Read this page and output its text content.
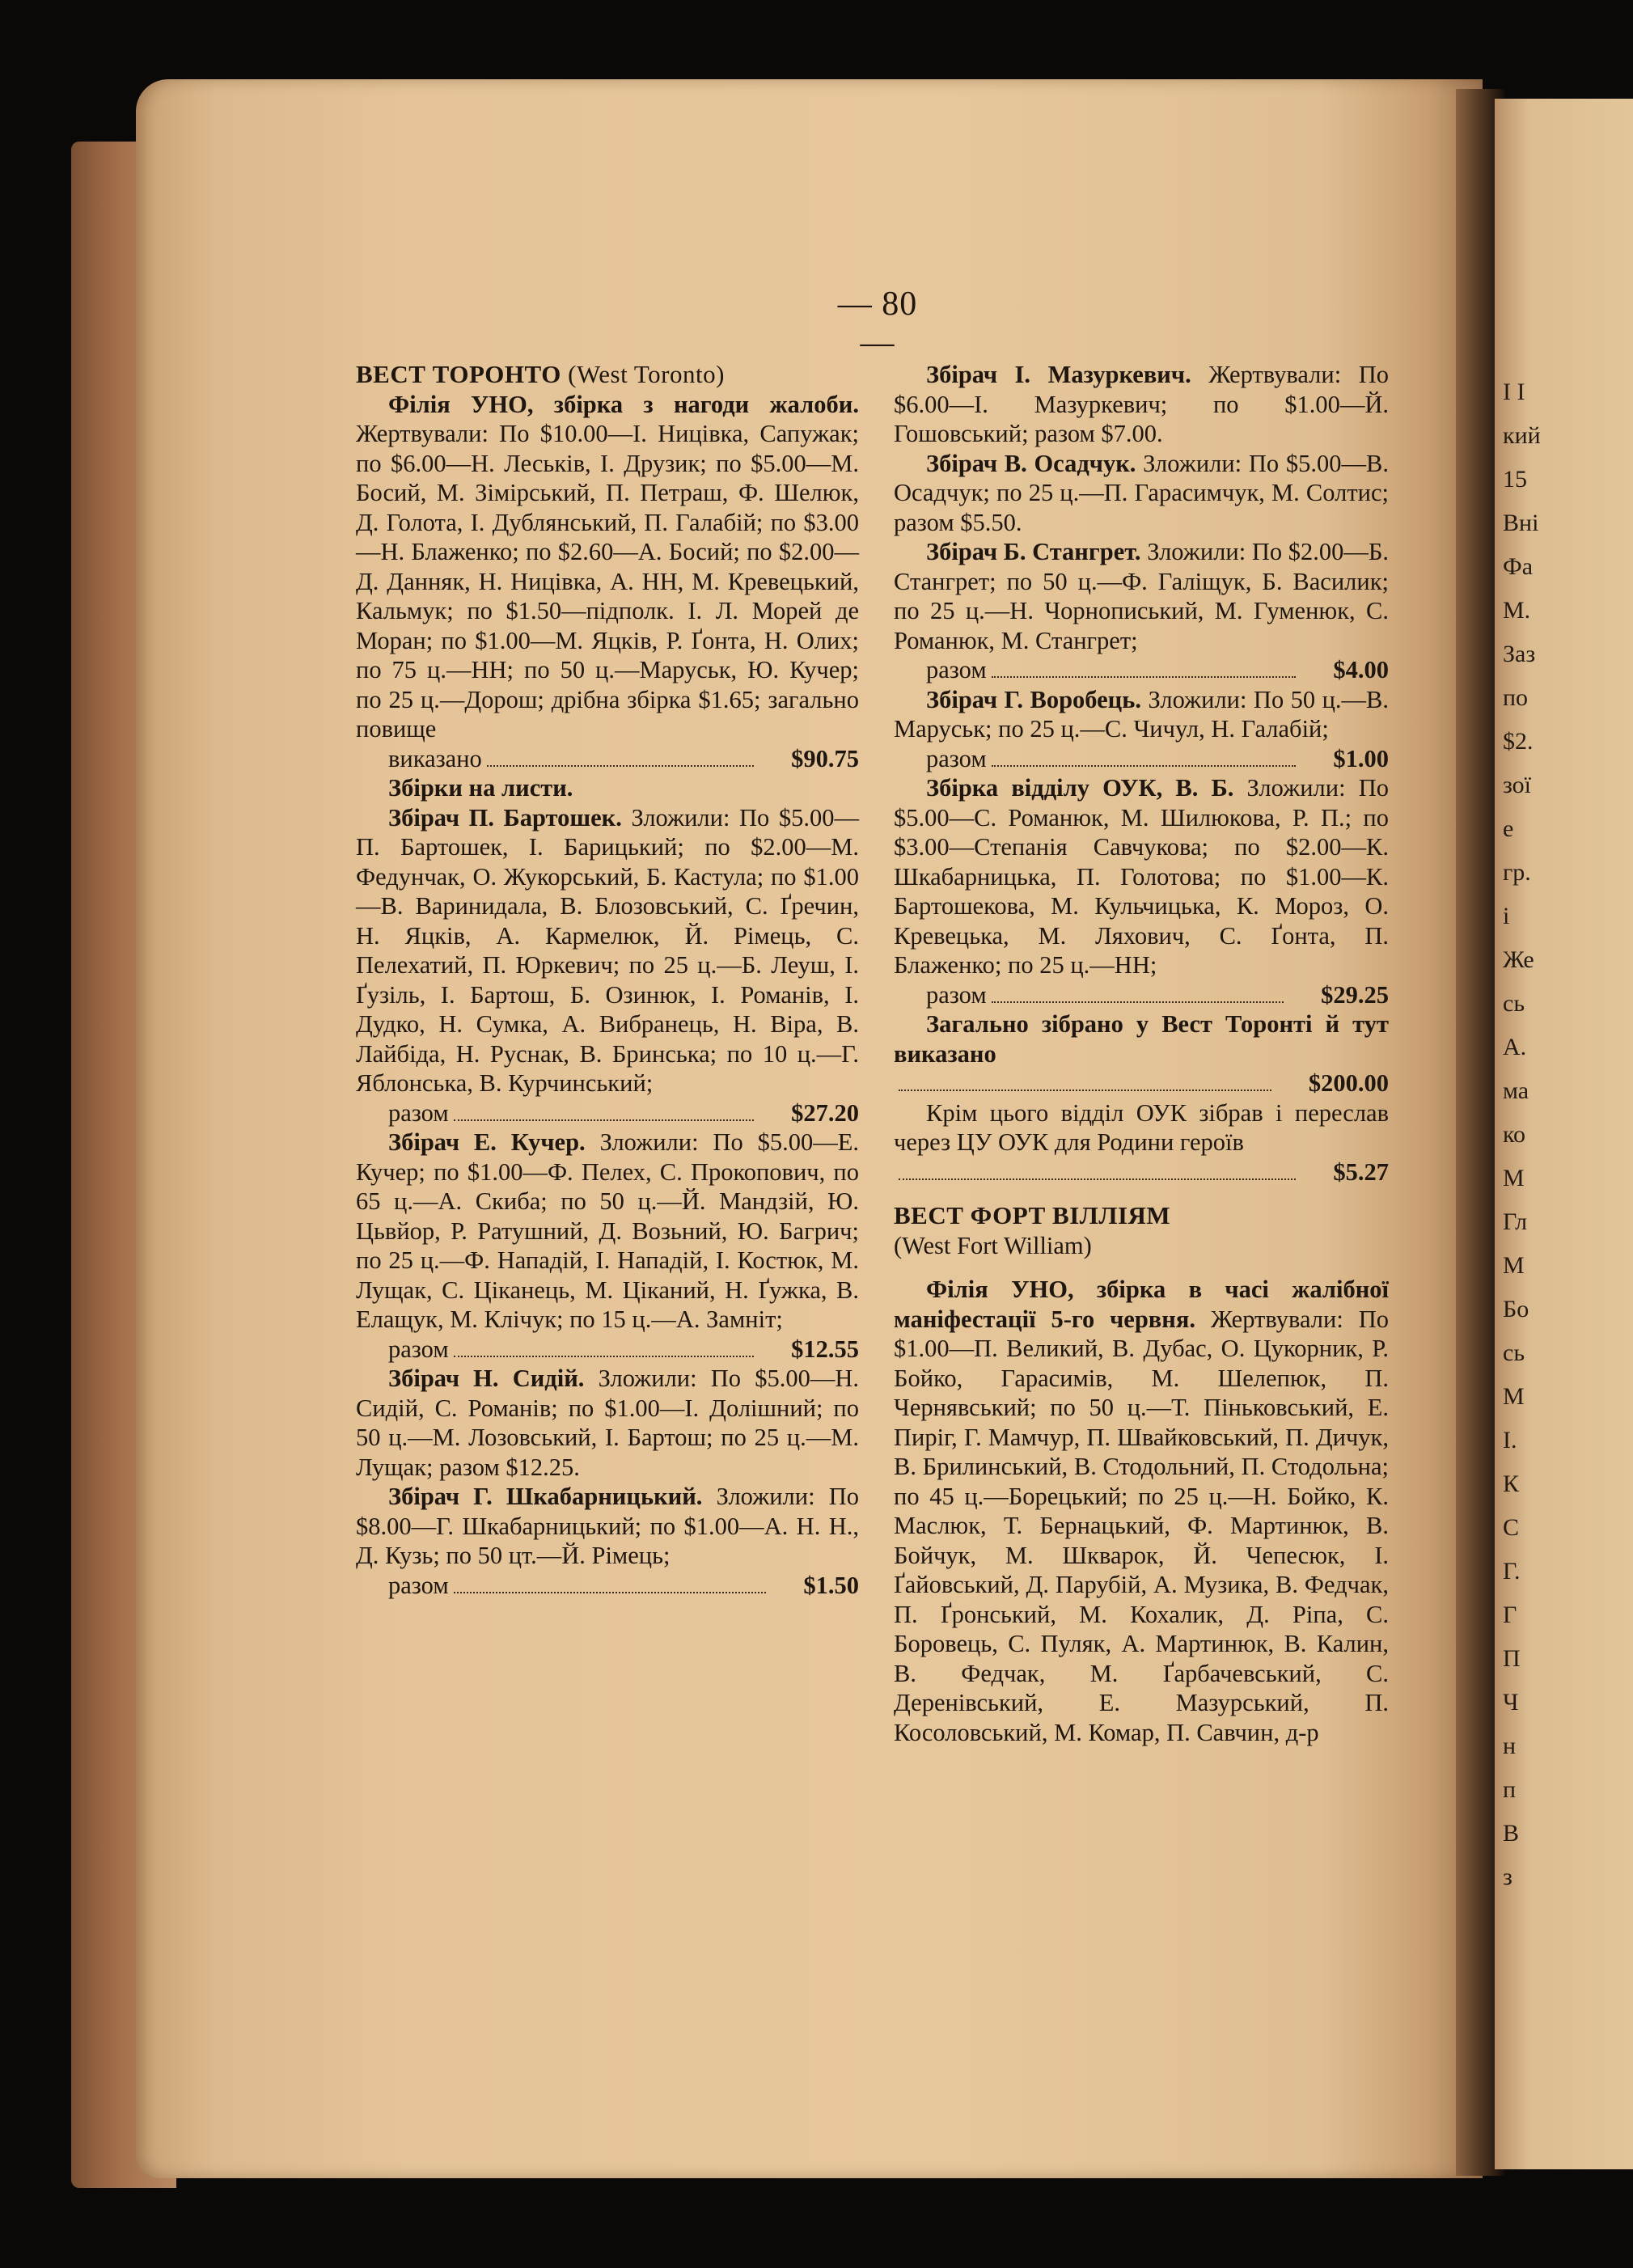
І І
кий
15
Вні
Фа
М.
Заз
по
$2.
зої
е
гр.
і
Же
сь
А.
ма
ко
М
Гл
М
Бо
сь
М
І.
К
С
Г.
Г
П
Ч
н
п
В
з
— 80 —

ВЕСТ ТОРОНТО (West Toronto)

Філія УНО, збірка з нагоди жалоби. Жертвували: По $10.00—І. Ницівка, Сапужак; по $6.00—Н. Леськів, І. Друзик; по $5.00—М. Босий, М. Зімірський, П. Петраш, Ф. Шелюк, Д. Голота, І. Дублянський, П. Галабій; по $3.00—Н. Блаженко; по $2.60—А. Босий; по $2.00—Д. Данняк, Н. Ницівка, А. НН, М. Кревецький, Кальмук; по $1.50—підполк. І. Л. Морей де Моран; по $1.00—М. Яцків, Р. Ґонта, Н. Олих; по 75 ц.—НН; по 50 ц.—Маруськ, Ю. Кучер; по 25 ц.—Дорош; дрібна збірка $1.65; загально повище

виказано	$90.75

Збірки на листи.

Збірач П. Бартошек. Зложили: По $5.00—П. Бартошек, І. Барицький; по $2.00—М. Федунчак, О. Жукорський, Б. Кастула; по $1.00—В. Варинидала, В. Блозовський, С. Ґречин, Н. Яцків, А. Кармелюк, Й. Рімець, С. Пелехатий, П. Юркевич; по 25 ц.—Б. Леуш, І. Ґузіль, І. Бартош, Б. Озинюк, І. Романів, І. Дудко, Н. Сумка, А. Вибранець, Н. Віра, В. Лайбіда, Н. Руснак, В. Бринська; по 10 ц.—Г. Яблонська, В. Курчинський;

разом	$27.20

Збірач Е. Кучер. Зложили: По $5.00—Е. Кучер; по $1.00—Ф. Пелех, С. Прокопович, по 65 ц.—А. Скиба; по 50 ц.—Й. Мандзій, Ю. Цьвйор, Р. Ратушний, Д. Возьний, Ю. Багрич; по 25 ц.—Ф. Нападій, І. Нападій, І. Костюк, М. Лущак, С. Ціканець, М. Ціканий, Н. Ґужка, В. Елащук, М. Клічук; по 15 ц.—А. Замніт;

разом	$12.55

Збірач Н. Сидій. Зложили: По $5.00—Н. Сидій, С. Романів; по $1.00—І. Долішний; по 50 ц.—М. Лозовський, І. Бартош; по 25 ц.—М. Лущак; разом $12.25.

Збірач Г. Шкабарницький. Зложили: По $8.00—Г. Шкабарницький; по $1.00—А. Н. Н., Д. Кузь; по 50 цт.—Й. Рімець;

разом	$1.50

Збірач І. Мазуркевич. Жертвували: По $6.00—І. Мазуркевич; по $1.00—Й. Гошовський; разом $7.00.

Збірач В. Осадчук. Зложили: По $5.00—В. Осадчук; по 25 ц.—П. Гарасимчук, М. Солтис; разом $5.50.

Збірач Б. Стангрет. Зложили: По $2.00—Б. Стангрет; по 50 ц.—Ф. Галіщук, Б. Василик; по 25 ц.—Н. Чорнописький, М. Гуменюк, С. Романюк, М. Стангрет;

разом	$4.00

Збірач Г. Воробець. Зложили: По 50 ц.—В. Маруськ; по 25 ц.—С. Чичул, Н. Галабій;

разом	$1.00

Збірка відділу ОУК, В. Б. Зложили: По $5.00—С. Романюк, М. Шилюкова, Р. П.; по $3.00—Степанія Савчукова; по $2.00—К. Шкабарницька, П. Голотова; по $1.00—К. Бартошекова, М. Кульчицька, К. Мороз, О. Кревецька, М. Ляхович, С. Ґонта, П. Блаженко; по 25 ц.—НН;

разом	$29.25

Загально зібрано у Вест Торонті й тут виказано

$200.00

Крім цього відділ ОУК зібрав і переслав через ЦУ ОУК для Родини героїв

$5.27

ВЕСТ ФОРТ ВІЛЛІЯМ

(West Fort William)

Філія УНО, збірка в часі жалібної маніфестації 5-го червня. Жертвували: По $1.00—П. Великий, В. Дубас, О. Цукорник, Р. Бойко, Гарасимів, М. Шелепюк, П. Чернявський; по 50 ц.—Т. Піньковський, Е. Пиріг, Г. Мамчур, П. Швайковський, П. Дичук, В. Брилинський, В. Стодольний, П. Стодольна; по 45 ц.—Борецький; по 25 ц.—Н. Бойко, К. Маслюк, Т. Бернацький, Ф. Мартинюк, В. Бойчук, М. Шкварок, Й. Чепесюк, І. Ґайовський, Д. Парубій, А. Музика, В. Федчак, П. Ґронський, М. Кохалик, Д. Ріпа, С. Боровець, С. Пуляк, А. Мартинюк, В. Калин, В. Федчак, М. Ґарбачевський, С. Деренівський, Е. Мазурський, П. Косоловський, М. Комар, П. Савчин, д-р
